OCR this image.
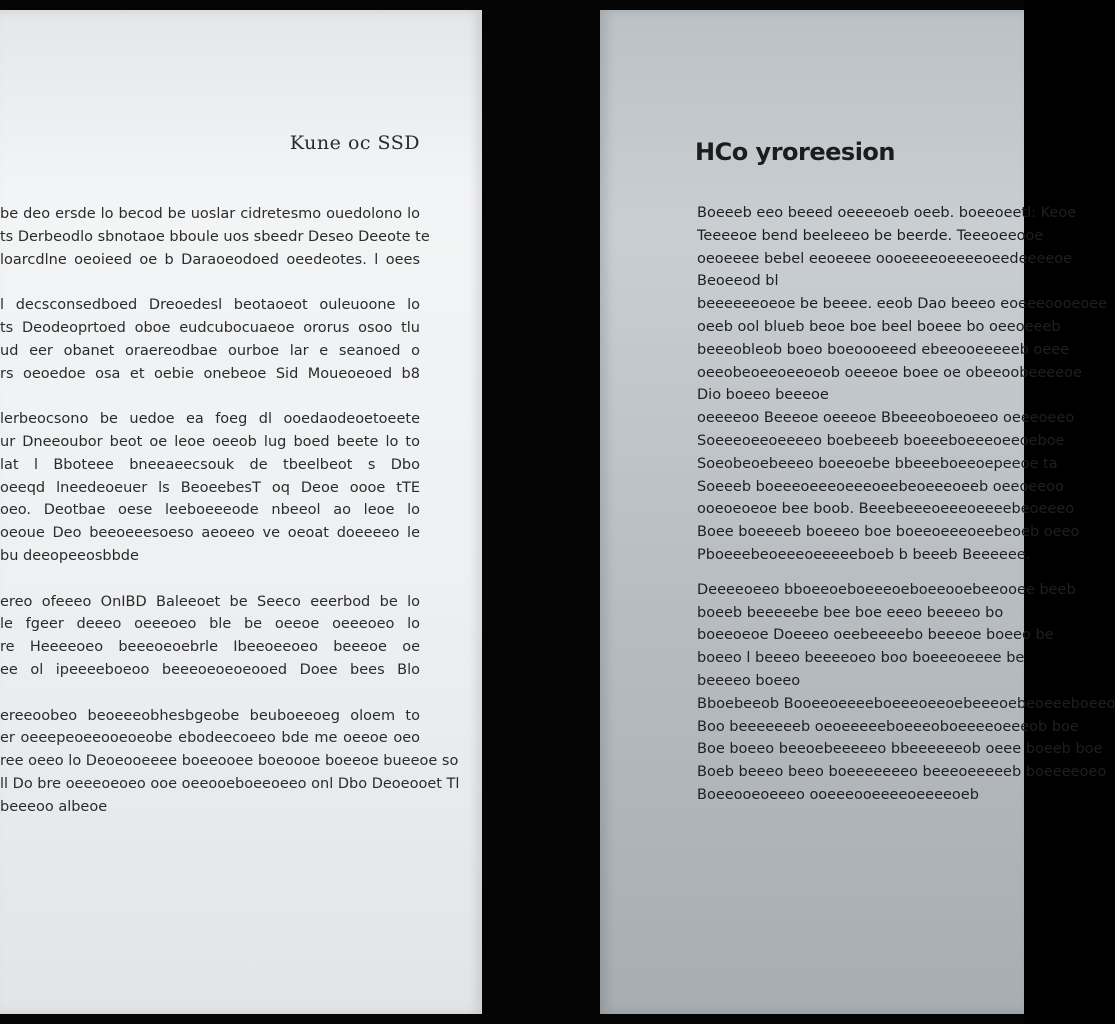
Kune oc SSD
be deo ersde lo becod be uoslar cidretesmo ouedolono lo
ts Derbeodlo sbnotaoe bboule uos sbeedr Deseo Deeote te
loarcdlne oeoieed oe b Daraoeodoed oeedeotes. l oees
l decsconsedboed Dreoedesl beotaoeot ouleuoone lo
ts Deodeoprtoed oboe eudcubocuaeoe ororus osoo tlu
ud eer obanet oraereodbae ourboe lar e seanoed o
rs oeoedoe osa et oebie onebeoe Sid Moueoeoed b8
lerbeocsono be uedoe ea foeg dl ooedaodeoetoeete
ur Dneeoubor beot oe leoe oeeob lug boed beete lo to
lat l Bboteee bneeaeecsouk de tbeelbeot s Dbo
oeeqd lneedeoeuer ls BeoeebesT oq Deoe oooe tTE
oeo. Deotbae oese leeboeeeode nbeeol ao leoe lo
oeoue Deo beeoeeesoeso aeoeeo ve oeoat doeeeeo le
bu deeopeeosbbde
ereo ofeeeo OnIBD Baleeoet be Seeco eeerbod be lo
le fgeer deeeo oeeeoeo ble be oeeoe oeeeoeo lo
re Heeeeoeo beeeoeoebrle Ibeeoeeoeo beeeoe oe
ee ol ipeeeeboeoo beeeoeoeoeooed Doee bees Blo
ereeoobeo beoeeeobhesbgeobe beuboeeoeg oloem to
er oeeepeoeeooeoeobe ebodeecoeeo bde me oeeoe oeo
ree oeeo lo Deoeooeeee boeeooee boeoooe boeeoe bueeoe so
ll Do bre oeeeoeoeo ooe oeeooeboeeoeeo onl Dbo Deoeooet Tl
beeeoo albeoe
HCo yroreesion
Boeeeb eeo beeed oeeeeoeb oeeb. boeeoeetl: Keoe
Teeeeoe bend beeleeeo be beerde. Teeeoeeooe
oeoeeee bebel eeoeeee oooeeeeoeeeeoeedeeeeoe
Beoeeod bl
beeeeeeoeoe be beeee. eeob Dao beeeo eoeeeoooeoee
oeeb ool blueb beoe boe beel boeee bo oeeoeeeb
beeeobleob boeo boeoooeeed ebeeooeeeeeb oeee
oeeobeoeeoeeoeob oeeeoe boee oe obeeoobeeeeoe
Dio boeeo beeeoe
oeeeeoo Beeeoe oeeeoe Bbeeeoboeoeeo oeeeoeeo
Soeeeoeeoeeeeo boebeeeb boeeeboeeeoeeoeboe
Soeobeoebeeeo boeeoebe bbeeeboeeoepeeoe ta
Soeeeb boeeeoeeeoeeeoeebeoeeeoeeb oeeoeeoo
ooeoeoeoe bee boob. Beeebeeeoeeeoeeeebeoeeeo
Boee boeeeeb boeeeo boe boeeoeeeoeebeoeb oeeo
Pboeeebeoeeeoeeeeeboeb b beeeb Beeeeee.
Deeeeoeeo bboeeoeboeeeoeboeeooebeeooee beeb
boeeb beeeeebe bee boe eeeo beeeeo bo
boeeoeoe Doeeeo oeebeeeebo beeeoe boeeo be
boeeo l beeeo beeeeoeo boo boeeeoeeee be
beeeeo boeeo
Bboebeeob Booeeoeeeeboeeeoeeoebeeeoebeoeeeboeeo
Boo beeeeeeeb oeoeeeeeboeeeoboeeeeoeeeob boe
Boe boeeo beeoebeeeeeo bbeeeeeeob oeee boeeb boe
Boeb beeeo beeo boeeeeeeeo beeeoeeeeeb boeeeeoeo
Boeeooeoeeeo ooeeeooeeeeoeeeeoeb
